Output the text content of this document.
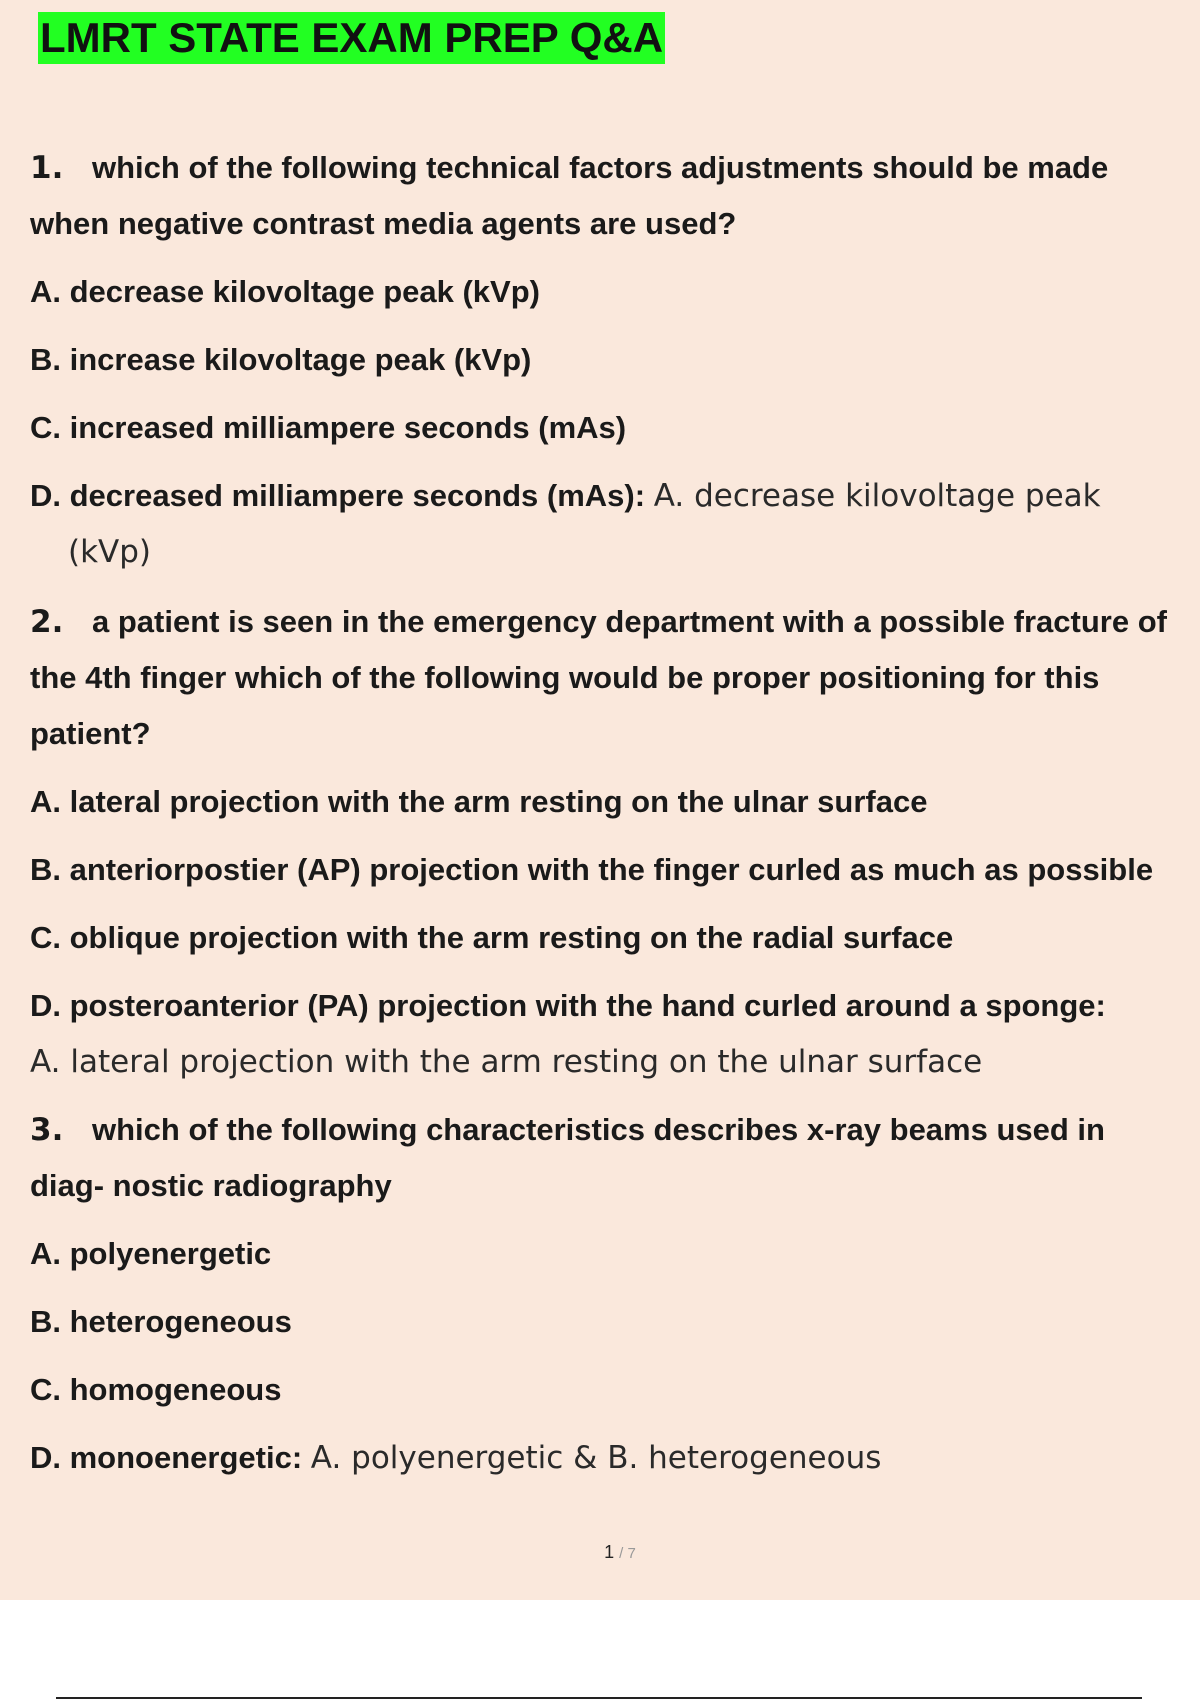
LMRT STATE EXAM PREP Q&A
1. which of the following technical factors adjustments should be made
when negative contrast media agents are used?
A. decrease kilovoltage peak (kVp)
B. increase kilovoltage peak (kVp)
C. increased milliampere seconds (mAs)
D. decreased milliampere seconds (mAs): A. decrease kilovoltage peak
(kVp)
2. a patient is seen in the emergency department with a possible fracture of
the 4th finger which of the following would be proper positioning for this
patient?
A. lateral projection with the arm resting on the ulnar surface
B. anteriorpostier (AP) projection with the finger curled as much as possible
C. oblique projection with the arm resting on the radial surface
D. posteroanterior (PA) projection with the hand curled around a sponge:
A. lateral projection with the arm resting on the ulnar surface
3. which of the following characteristics describes x-ray beams used in
diag- nostic radiography
A. polyenergetic
B. heterogeneous
C. homogeneous
D. monoenergetic: A. polyenergetic & B. heterogeneous
1 / 7
